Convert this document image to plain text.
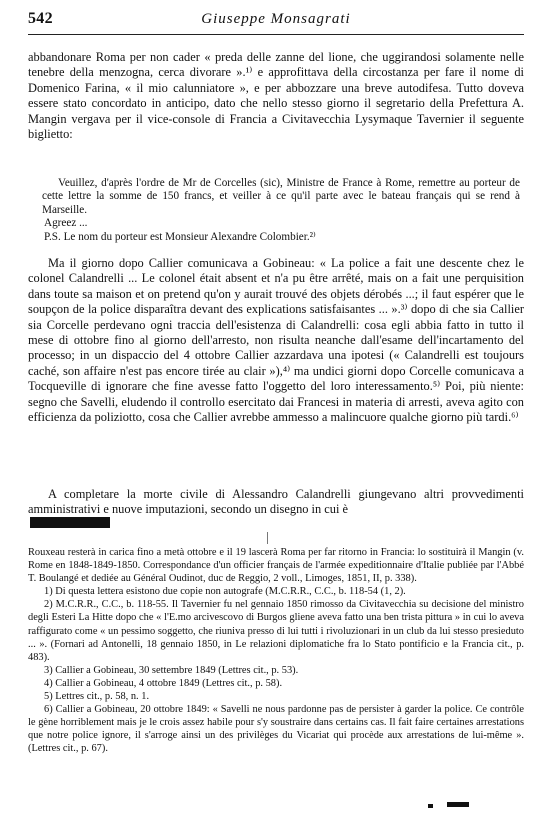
542	Giuseppe Monsagrati

abbandonare Roma per non cader « preda delle zanne del lione, che uggirandosi solamente nelle tenebre della menzogna, cerca divorare ».¹⁾ e approfittava della circostanza per fare il nome di Domenico Farina, « il mio calunniatore », e per abbozzare una breve autodifesa. Tutto doveva essere stato concordato in anticipo, dato che nello stesso giorno il segretario della Prefettura A. Mangin vergava per il vice-console di Francia a Civitavecchia Lysymaque Tavernier il seguente biglietto:

Veuillez, d'après l'ordre de Mr de Corcelles (sic), Ministre de France à Rome, remettre au porteur de cette lettre la somme de 150 francs, et veiller à ce qu'il parte avec le bateau français qui se rend à Marseille.

Agreez ...

P.S. Le nom du porteur est Monsieur Alexandre Colombier.²⁾

Ma il giorno dopo Callier comunicava a Gobineau: « La police a fait une descente chez le colonel Calandrelli ... Le colonel était absent et n'a pu être arrêté, mais on a fait une perquisition dans toute sa maison et on pretend qu'on y aurait trouvé des objets dérobés ...; il faut espérer que le soupçon de la police disparaîtra devant des explications satisfaisantes ... ».³⁾ dopo di che sia Callier sia Corcelle perdevano ogni traccia dell'esistenza di Calandrelli: cosa egli abbia fatto in tutto il mese di ottobre fino al giorno dell'arresto, non risulta neanche dall'esame dell'incartamento del processo; in un dispaccio del 4 ottobre Callier azzardava una ipotesi (« Calandrelli est toujours caché, son affaire n'est pas encore tirée au clair »),⁴⁾ ma undici giorni dopo Corcelle comunicava a Tocqueville di ignorare che fine avesse fatto l'oggetto del loro interessamento.⁵⁾ Poi, più niente: segno che Savelli, eludendo il controllo esercitato dai Francesi in materia di arresti, aveva agito con efficienza da poliziotto, cosa che Callier avrebbe ammesso a malincuore qualche giorno più tardi.⁶⁾

A completare la morte civile di Alessandro Calandrelli giungevano altri provvedimenti amministrativi e nuove imputazioni, secondo un disegno in cui è

Rouxeau resterà in carica fino a metà ottobre e il 19 lascerà Roma per far ritorno in Francia: lo sostituirà il Mangin (v. Rome en 1848-1849-1850. Correspondance d'un officier français de l'armée expeditionnaire d'Italie publiée par l'Abbé T. Boulangé et dediée au Général Oudinot, duc de Reggio, 2 voll., Limoges, 1851, II, p. 338).

1) Di questa lettera esistono due copie non autografe (M.C.R.R., C.C., b. 118-54 (1, 2).

2) M.C.R.R., C.C., b. 118-55. Il Tavernier fu nel gennaio 1850 rimosso da Civitavecchia su decisione del ministro degli Esteri La Hitte dopo che « l'E.mo arcivescovo di Burgos gliene aveva fatto una ben trista pittura » in cui lo aveva raffigurato come « un pessimo soggetto, che riuniva presso di lui tutti i rivoluzionari in un club da lui stesso presieduto ... ». (Fornari ad Antonelli, 18 gennaio 1850, in Le relazioni diplomatiche fra lo Stato pontificio e la Francia cit., p. 483).

3) Callier a Gobineau, 30 settembre 1849 (Lettres cit., p. 53).

4) Callier a Gobineau, 4 ottobre 1849 (Lettres cit., p. 58).

5) Lettres cit., p. 58, n. 1.

6) Callier a Gobineau, 20 ottobre 1849: « Savelli ne nous pardonne pas de persister à garder la police. Ce contrôle le gène horriblement mais je le crois assez habile pour s'y soustraire dans certains cas. Il fait faire certaines arrestations que notre police ignore, il s'arroge ainsi un des privilèges du Vicariat qui procède aux arrestations de lui-même ». (Lettres cit., p. 67).
